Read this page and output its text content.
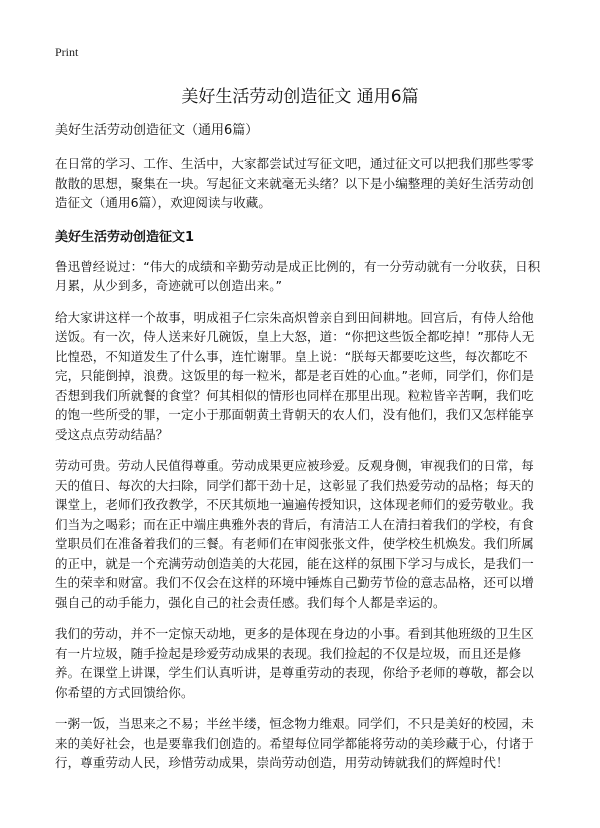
Print
美好生活劳动创造征文 通用6篇

美好生活劳动创造征文（通用6篇）

在日常的学习、工作、生活中，大家都尝试过写征文吧，通过征文可以把我们那些零零散散的思想，聚集在一块。写起征文来就毫无头绪？以下是小编整理的美好生活劳动创造征文（通用6篇），欢迎阅读与收藏。

美好生活劳动创造征文1

鲁迅曾经说过：“伟大的成绩和辛勤劳动是成正比例的，有一分劳动就有一分收获，日积月累，从少到多，奇迹就可以创造出来。”

给大家讲这样一个故事，明成祖子仁宗朱高炽曾亲自到田间耕地。回宫后，有侍人给他送饭。有一次，侍人送来好几碗饭，皇上大怒，道：“你把这些饭全都吃掉！”那侍人无比惶恐，不知道发生了什么事，连忙谢罪。皇上说：“朕每天都要吃这些，每次都吃不完，只能倒掉，浪费。这饭里的每一粒米，都是老百姓的心血。”老师，同学们，你们是否想到我们所就餐的食堂？何其相似的情形也同样在那里出现。粒粒皆辛苦啊，我们吃的饱一些所受的罪，一定小于那面朝黄土背朝天的农人们，没有他们，我们又怎样能享受这点点劳动结晶？

劳动可贵。劳动人民值得尊重。劳动成果更应被珍爱。反观身侧，审视我们的日常，每天的值日、每次的大扫除，同学们都干劲十足，这彰显了我们热爱劳动的品格；每天的课堂上，老师们孜孜教学，不厌其烦地一遍遍传授知识，这体现老师们的爱劳敬业。我们当为之喝彩；而在正中端庄典雅外表的背后，有清洁工人在清扫着我们的学校，有食堂职员们在准备着我们的三餐。有老师们在审阅张张文件，使学校生机焕发。我们所属的正中，就是一个充满劳动创造美的大花园，能在这样的氛围下学习与成长，是我们一生的荣幸和财富。我们不仅会在这样的环境中锤炼自己勤劳节俭的意志品格，还可以增强自己的动手能力，强化自己的社会责任感。我们每个人都是幸运的。

我们的劳动，并不一定惊天动地，更多的是体现在身边的小事。看到其他班级的卫生区有一片垃圾，随手捡起是珍爱劳动成果的表现。我们捡起的不仅是垃圾，而且还是修养。在课堂上讲课，学生们认真听讲，是尊重劳动的表现，你给予老师的尊敬，都会以你希望的方式回馈给你。

一粥一饭，当思来之不易；半丝半缕，恒念物力维艰。同学们，不只是美好的校园，未来的美好社会，也是要靠我们创造的。希望每位同学都能将劳动的美珍藏于心，付诸于行，尊重劳动人民，珍惜劳动成果，崇尚劳动创造，用劳动铸就我们的辉煌时代！
